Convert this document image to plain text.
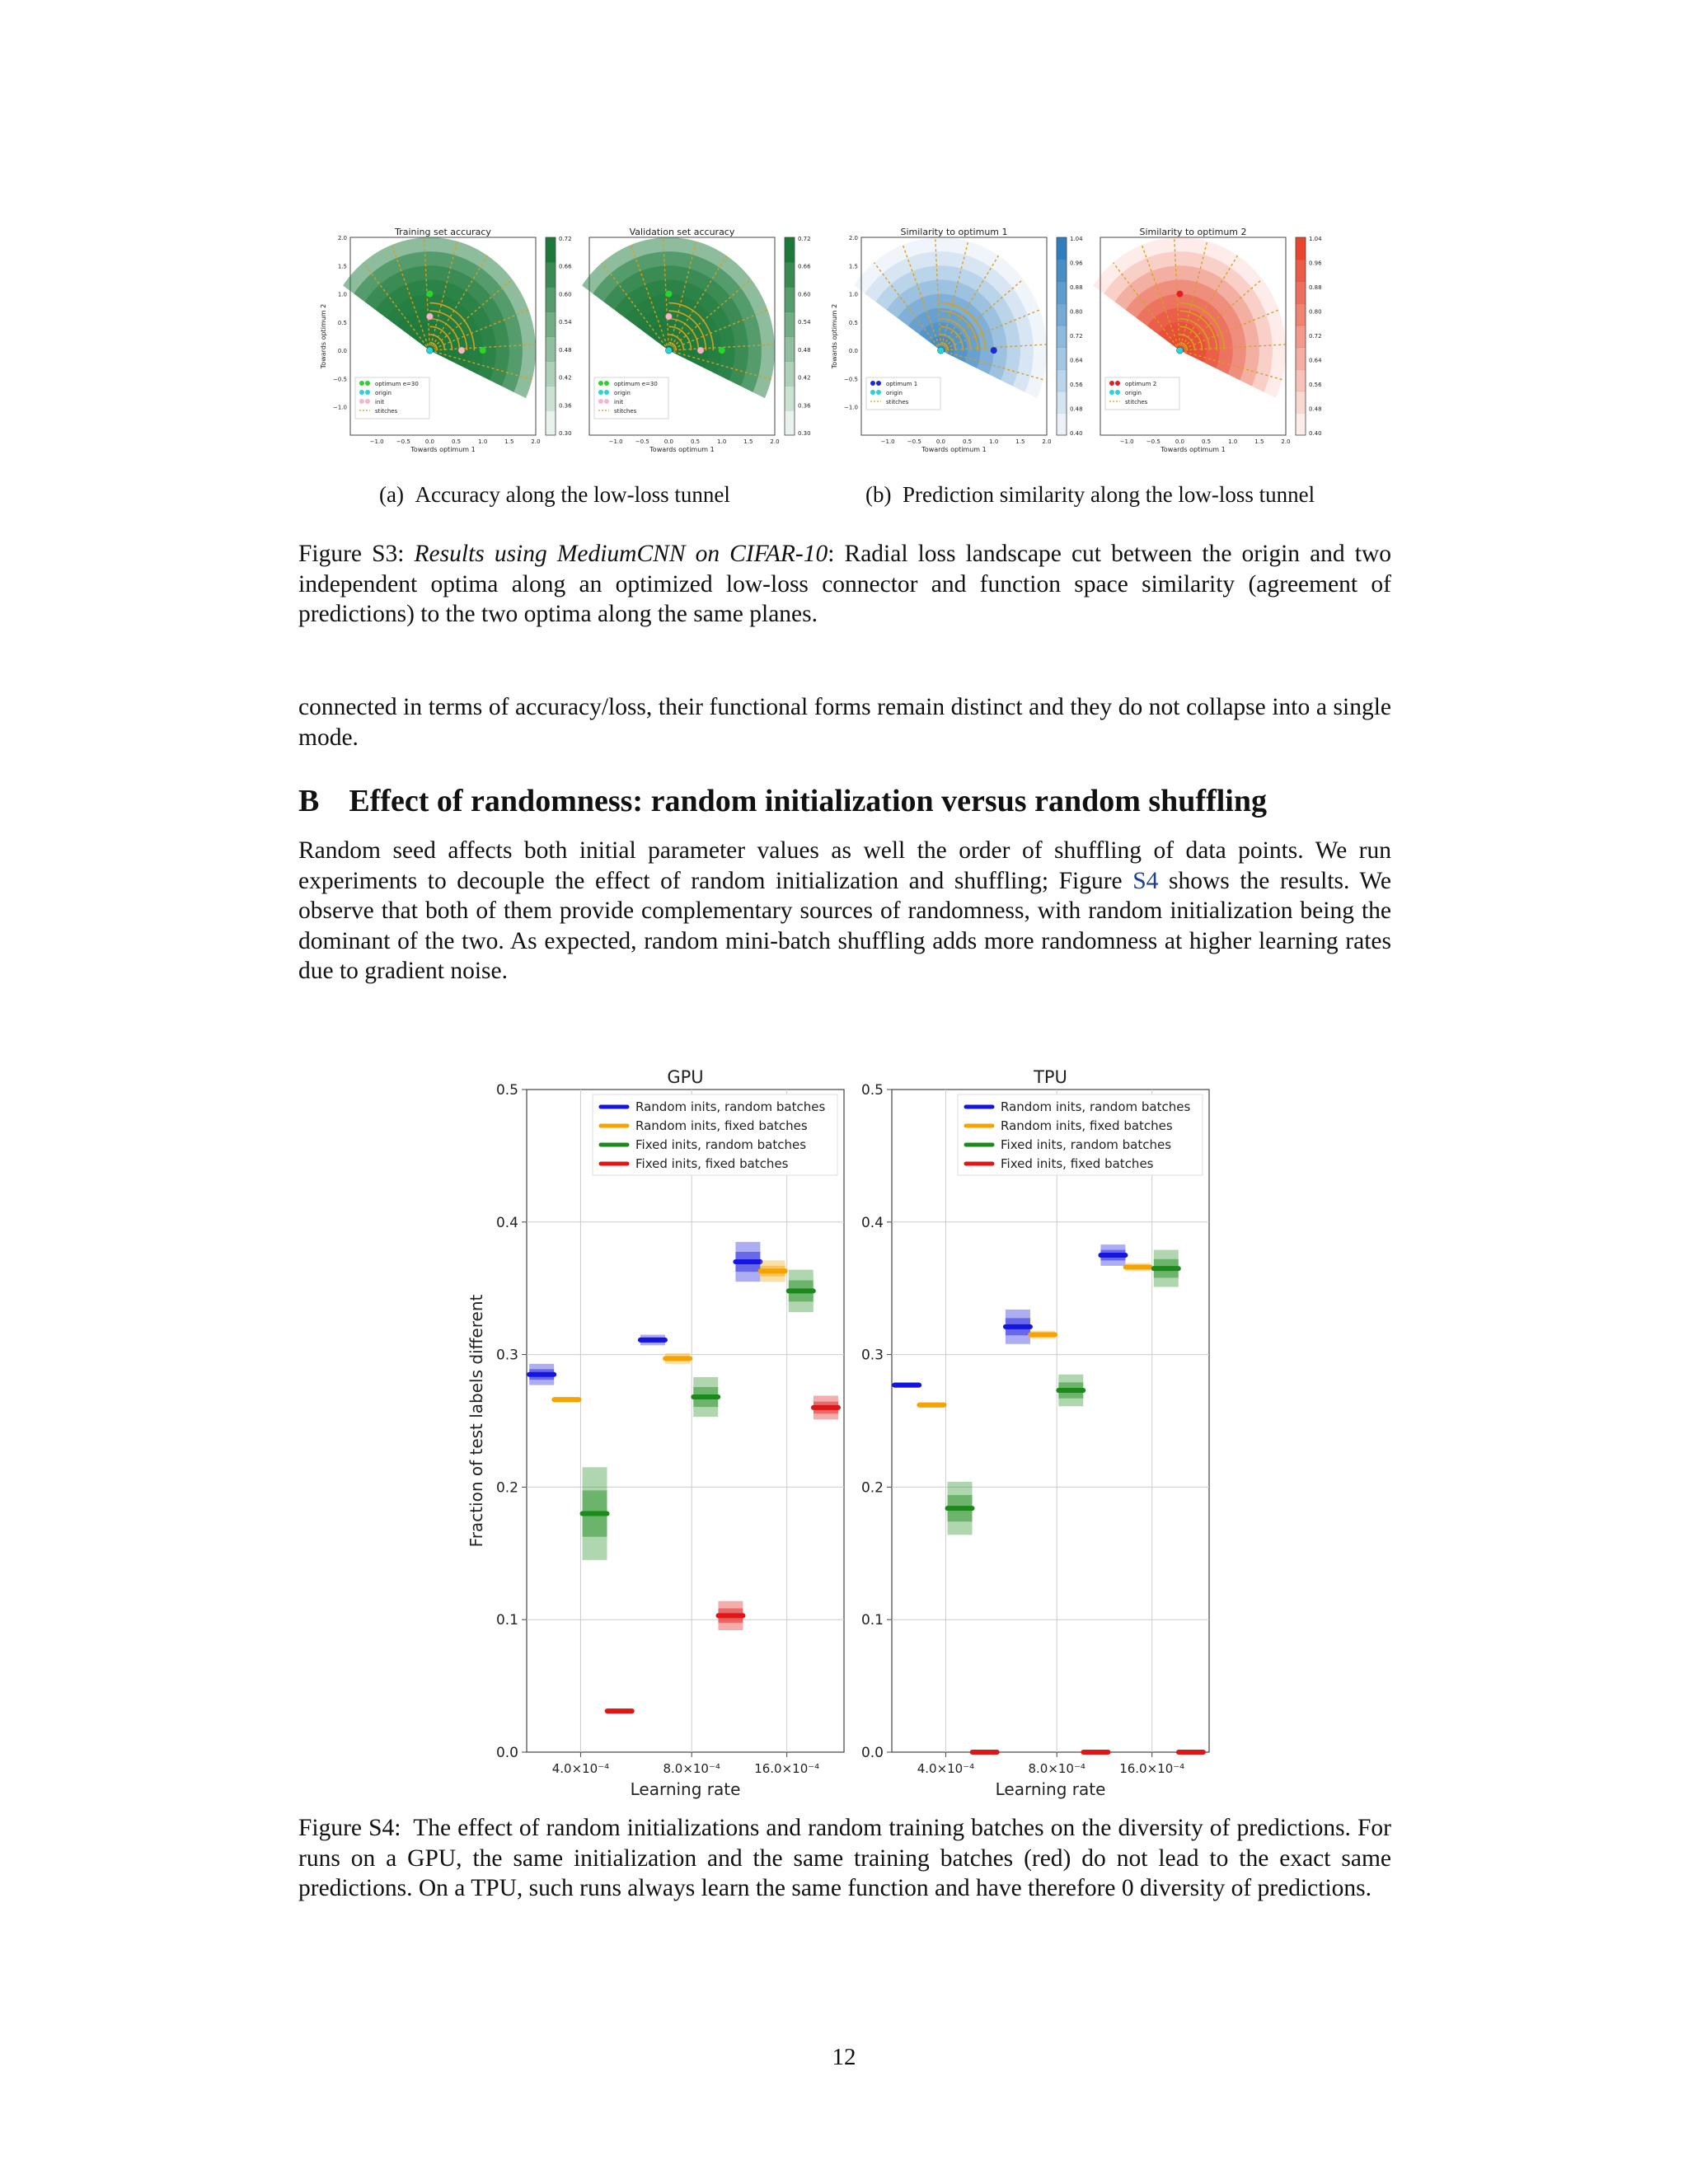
Training set accuracy
−1.0 −0.5	0.0	0.5	1.0	1.5	2.0
Towards optimum 1
2.0
1.5
1.0
0.5
0.0
−0.5
−1.0
Towards optimum 2
optimum e=30
origin
init
stitches
0.72
0.66
0.60
0.54
0.48
0.42
0.36
0.30
Validation set accuracy
−1.0 −0.5	0.0	0.5	1.0	1.5	2.0
Towards optimum 1
optimum e=30
origin
init
stitches
0.72
0.66
0.60
0.54
0.48
0.42
0.36
0.30
Similarity to optimum 1
−1.0 −0.5	0.0	0.5	1.0	1.5	2.0
Towards optimum 1
2.0
1.5
1.0
0.5
0.0
−0.5
−1.0
Towards optimum 2
optimum 1
origin
stitches
1.04
0.96
0.88
0.80
0.72
0.64
0.56
0.48
0.40
Similarity to optimum 2
−1.0 −0.5	0.0	0.5	1.0	1.5	2.0
Towards optimum 1
optimum 2
origin
stitches
1.04
0.96
0.88
0.80
0.72
0.64
0.56
0.48
0.40
(a) Accuracy along the low-loss tunnel	(b) Prediction similarity along the low-loss tunnel
Figure S3: Results using MediumCNN on CIFAR-10: Radial loss landscape cut between the origin and two independent optima along an optimized low-loss connector and function space similarity (agreement of predictions) to the two optima along the same planes.
connected in terms of accuracy/loss, their functional forms remain distinct and they do not collapse into a single mode.
B Effect of randomness: random initialization versus random shuffling
Random seed affects both initial parameter values as well the order of shuffling of data points. We run experiments to decouple the effect of random initialization and shuffling; Figure S4 shows the results. We observe that both of them provide complementary sources of randomness, with random initialization being the dominant of the two. As expected, random mini-batch shuffling adds more randomness at higher learning rates due to gradient noise.
0.0
0.1
0.2
0.3
0.4
0.5
4.0×10⁻⁴	8.0×10⁻⁴	16.0×10⁻⁴
GPU
Learning rate
Fraction of test labels different
Random inits, random batches
Random inits, fixed batches
Fixed inits, random batches
Fixed inits, fixed batches
0.0
0.1
0.2
0.3
0.4
0.5
4.0×10⁻⁴	8.0×10⁻⁴	16.0×10⁻⁴
TPU
Learning rate
Random inits, random batches
Random inits, fixed batches
Fixed inits, random batches
Fixed inits, fixed batches
Figure S4: The effect of random initializations and random training batches on the diversity of predictions. For runs on a GPU, the same initialization and the same training batches (red) do not lead to the exact same predictions. On a TPU, such runs always learn the same function and have therefore 0 diversity of predictions.
12
